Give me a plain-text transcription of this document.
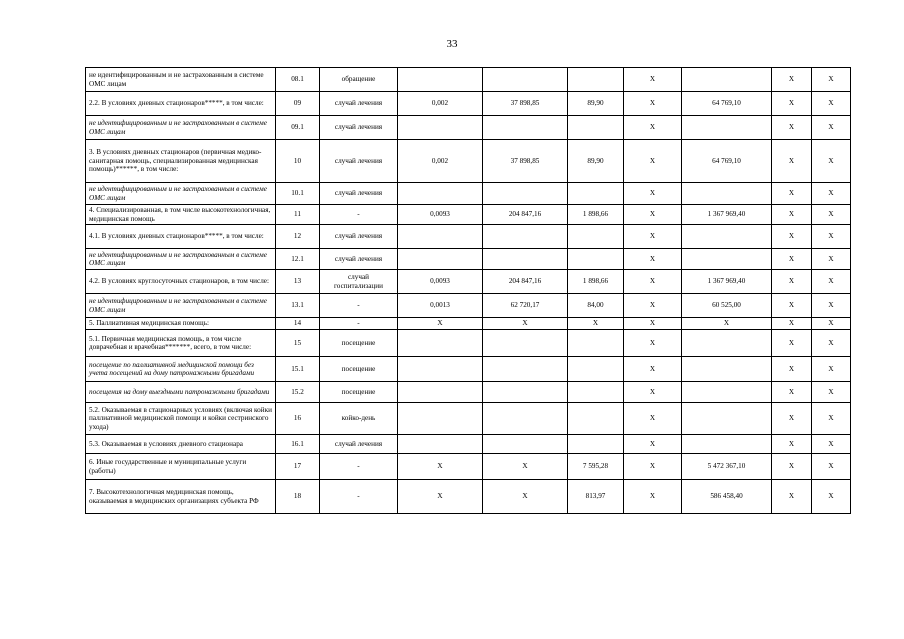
33
не идентифицированным и не застрахованным в системе ОМС лицам	08.1	обращение				X		X	X
2.2. В условиях дневных стационаров*****, в том числе:	09	случай лечения	0,002	37 898,85	89,90	X	64 769,10	X	X
не идентифицированным и не застрахованным в системе ОМС лицам	09.1	случай лечения				X		X	X
3. В условиях дневных стационаров (первичная медико-санитарная помощь, специализированная медицинская помощь)******, в том числе:	10	случай лечения	0,002	37 898,85	89,90	X	64 769,10	X	X
не идентифицированным и не застрахованным в системе ОМС лицам	10.1	случай лечения				X		X	X
4. Специализированная, в том числе высокотехнологичная, медицинская помощь	11	-	0,0093	204 847,16	1 898,66	X	1 367 969,40	X	X
4.1. В условиях дневных стационаров*****, в том числе:	12	случай лечения				X		X	X
не идентифицированным и не застрахованным в системе ОМС лицам	12.1	случай лечения				X		X	X
4.2. В условиях круглосуточных стационаров, в том числе:	13	случай госпитализации	0,0093	204 847,16	1 898,66	X	1 367 969,40	X	X
не идентифицированным и не застрахованным в системе ОМС лицам	13.1	-	0,0013	62 720,17	84,00	X	60 525,00	X	X
5. Паллиативная медицинская помощь:	14	-	X	X	X	X	X	X	X
5.1. Первичная медицинская помощь, в том числе доврачебная и врачебная*******, всего, в том числе:	15	посещение				X		X	X
посещение по паллиативной медицинской помощи без учета посещений на дому патронажными бригадами	15.1	посещение				X		X	X
посещения на дому выездными патронажными бригадами	15.2	посещение				X		X	X
5.2. Оказываемая в стационарных условиях (включая койки паллиативной медицинской помощи и койки сестринского ухода)	16	койко-день				X		X	X
5.3. Оказываемая в условиях дневного стационара	16.1	случай лечения				X		X	X
6. Иные государственные и муниципальные услуги (работы)	17	-	X	X	7 595,28	X	5 472 367,10	X	X
7. Высокотехнологичная медицинская помощь, оказываемая в медицинских организациях субъекта РФ	18	-	X	X	813,97	X	586 458,40	X	X
